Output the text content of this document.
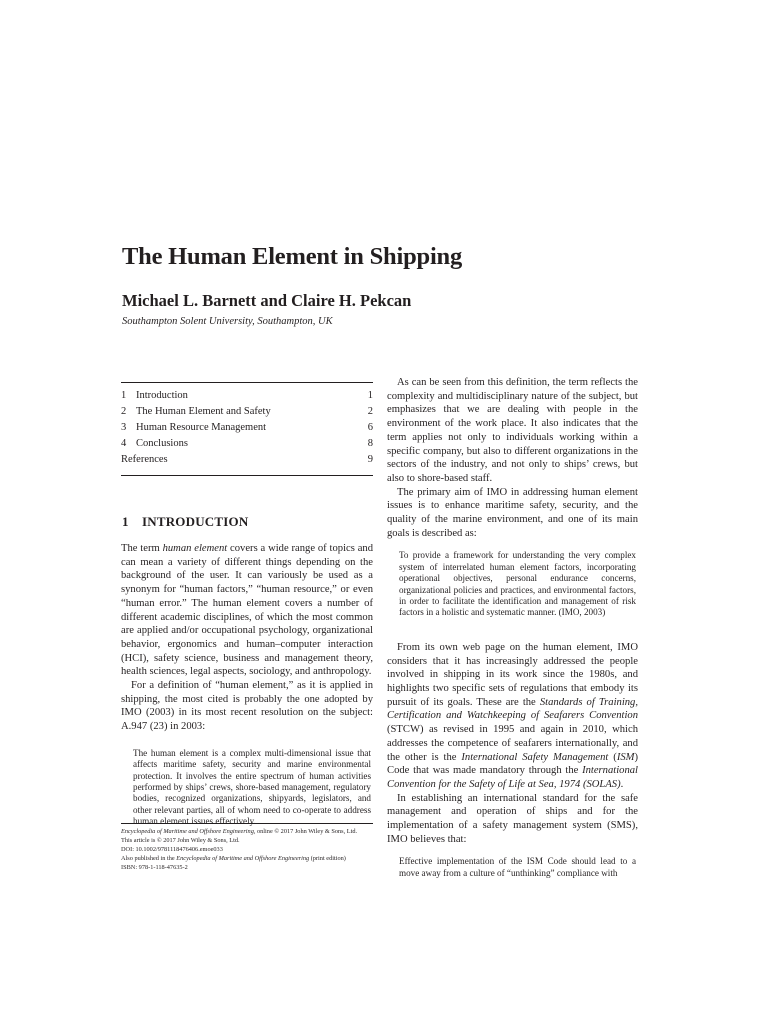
The Human Element in Shipping
Michael L. Barnett and Claire H. Pekcan
Southampton Solent University, Southampton, UK
1 Introduction	1
2 The Human Element and Safety	2
3 Human Resource Management	6
4 Conclusions	8
References	9
1 INTRODUCTION

The term human element covers a wide range of topics and can mean a variety of different things depending on the background of the user. It can variously be used as a synonym for “human factors,” “human resource,” or even “human error.” The human element covers a number of different academic disciplines, of which the most common are applied and/or occupational psychology, organizational behavior, ergonomics and human–computer interaction (HCI), safety science, business and management theory, health sciences, legal aspects, sociology, and anthropology.

For a definition of “human element,” as it is applied in shipping, the most cited is probably the one adopted by IMO (2003) in its most recent resolution on the subject: A.947 (23) in 2003:

The human element is a complex multi-dimensional issue that affects maritime safety, security and marine environmental protection. It involves the entire spectrum of human activities performed by ships’ crews, shore-based management, regulatory bodies, recognized organizations, shipyards, legislators, and other relevant parties, all of whom need to co-operate to address human element issues effectively.

Encyclopedia of Maritime and Offshore Engineering, online © 2017 John Wiley & Sons, Ltd.
This article is © 2017 John Wiley & Sons, Ltd.
DOI: 10.1002/9781118476406.emoe033
Also published in the Encyclopedia of Maritime and Offshore Engineering (print edition)
ISBN: 978-1-118-47635-2

As can be seen from this definition, the term reflects the complexity and multidisciplinary nature of the subject, but emphasizes that we are dealing with people in the environment of the work place. It also indicates that the term applies not only to individuals working within a specific company, but also to different organizations in the sectors of the industry, and not only to ships’ crews, but also to shore-based staff.

The primary aim of IMO in addressing human element issues is to enhance maritime safety, security, and the quality of the marine environment, and one of its main goals is described as:

To provide a framework for understanding the very complex system of interrelated human element factors, incorporating operational objectives, personal endurance concerns, organizational policies and practices, and environmental factors, in order to facilitate the identification and management of risk factors in a holistic and systematic manner. (IMO, 2003)

From its own web page on the human element, IMO considers that it has increasingly addressed the people involved in shipping in its work since the 1980s, and highlights two specific sets of regulations that embody its pursuit of its goals. These are the Standards of Training, Certification and Watchkeeping of Seafarers Convention (STCW) as revised in 1995 and again in 2010, which addresses the competence of seafarers internationally, and the other is the International Safety Management (ISM) Code that was made mandatory through the International Convention for the Safety of Life at Sea, 1974 (SOLAS).

In establishing an international standard for the safe management and operation of ships and for the implementation of a safety management system (SMS), IMO believes that:

Effective implementation of the ISM Code should lead to a move away from a culture of “unthinking” compliance with
